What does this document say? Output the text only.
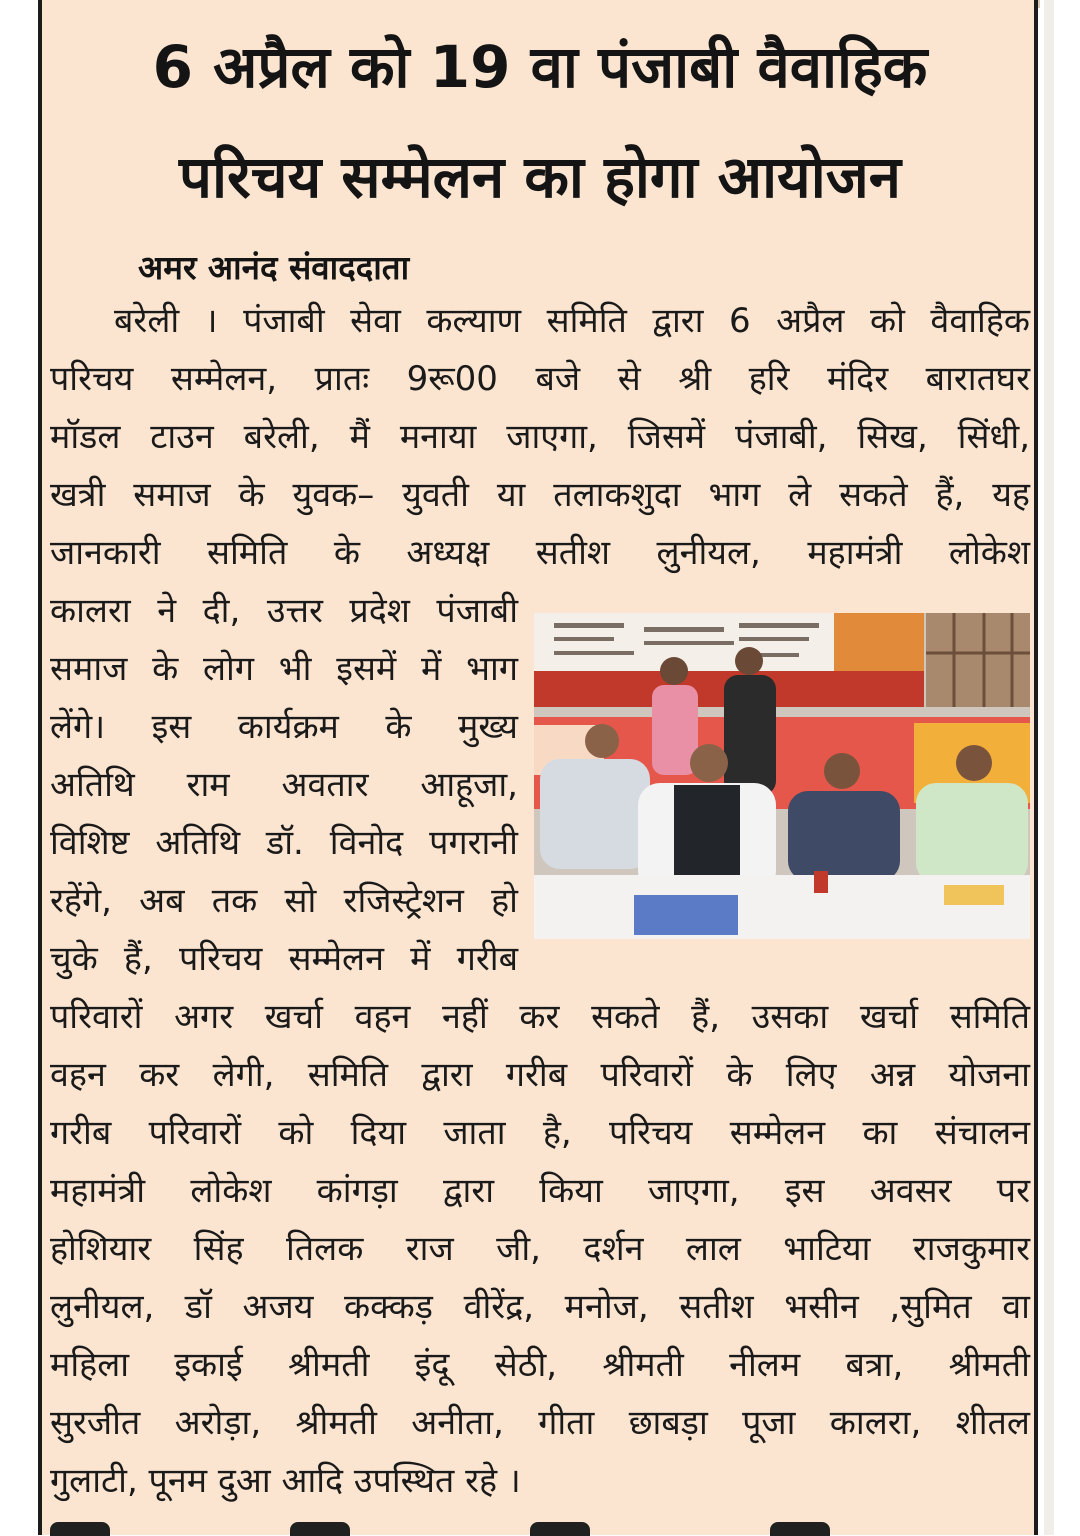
6 अप्रैल को 19 वा पंजाबी वैवाहिक
परिचय सम्मेलन का होगा आयोजन
अमर आनंद संवाददाता
बरेली । पंजाबी सेवा कल्याण समिति द्वारा 6 अप्रैल को वैवाहिक
परिचय सम्मेलन, प्रातः 9रू00 बजे से श्री हरि मंदिर बारातघर
मॉडल टाउन बरेली, मैं मनाया जाएगा, जिसमें पंजाबी, सिख, सिंधी,
खत्री समाज के युवक– युवती या तलाकशुदा भाग ले सकते हैं, यह
जानकारी समिति के अध्यक्ष सतीश लुनीयल, महामंत्री लोकेश
कालरा ने दी, उत्तर प्रदेश पंजाबी
समाज के लोग भी इसमें में भाग
लेंगे। इस कार्यक्रम के मुख्य
अतिथि राम अवतार आहूजा,
विशिष्ट अतिथि डॉ. विनोद पगरानी
रहेंगे, अब तक सो रजिस्ट्रेशन हो
चुके हैं, परिचय सम्मेलन में गरीब
परिवारों अगर खर्चा वहन नहीं कर सकते हैं, उसका खर्चा समिति
वहन कर लेगी, समिति द्वारा गरीब परिवारों के लिए अन्न योजना
गरीब परिवारों को दिया जाता है, परिचय सम्मेलन का संचालन
महामंत्री लोकेश कांगड़ा द्वारा किया जाएगा, इस अवसर पर
होशियार सिंह तिलक राज जी, दर्शन लाल भाटिया राजकुमार
लुनीयल, डॉ अजय कक्कड़ वीरेंद्र, मनोज, सतीश भसीन ,सुमित वा
महिला इकाई श्रीमती इंदू सेठी, श्रीमती नीलम बत्रा, श्रीमती
सुरजीत अरोड़ा, श्रीमती अनीता, गीता छाबड़ा पूजा कालरा, शीतल
गुलाटी, पूनम दुआ आदि उपस्थित रहे ।
